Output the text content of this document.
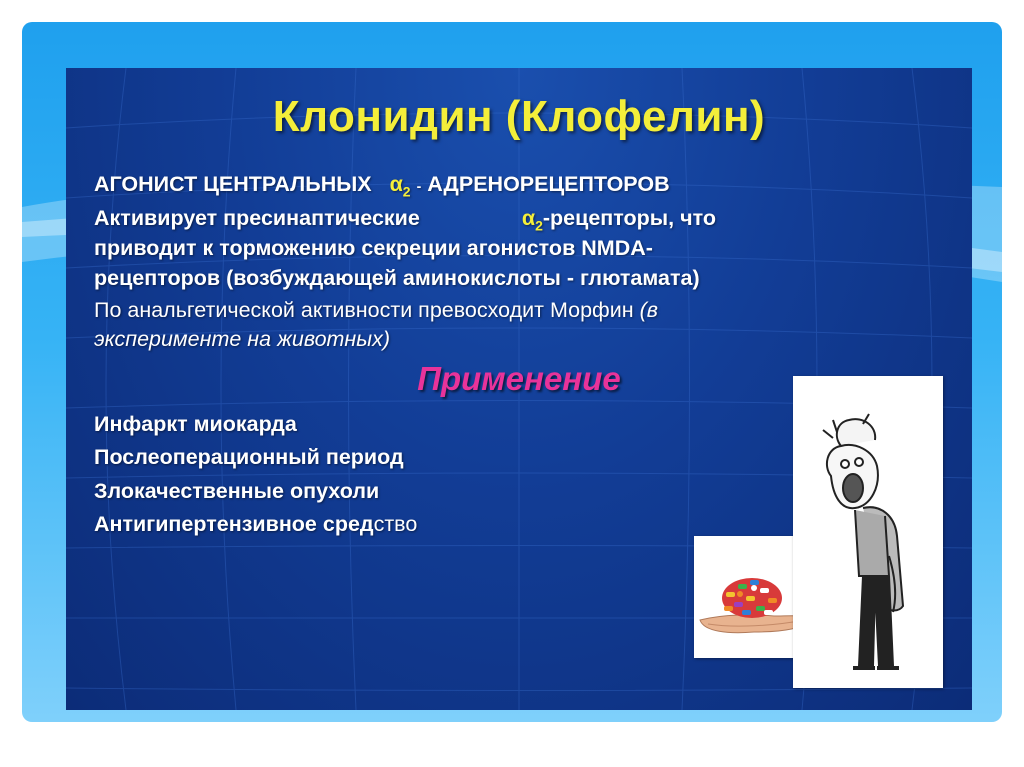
Клонидин (Клофелин)
АГОНИСТ ЦЕНТРАЛЬНЫХ $\alpha_2$ - АДРЕНОРЕЦЕПТОРОВ
Активирует пресинаптические	$\alpha_2$-рецепторы, что
приводит к торможению секреции агонистов NMDA-
рецепторов (возбуждающей аминокислоты - глютамата)
По анальгетической активности превосходит Морфин (в
эксперименте на животных)
Применение
Инфаркт миокарда
Послеоперационный период
Злокачественные опухоли
Антигипертензивное средство
